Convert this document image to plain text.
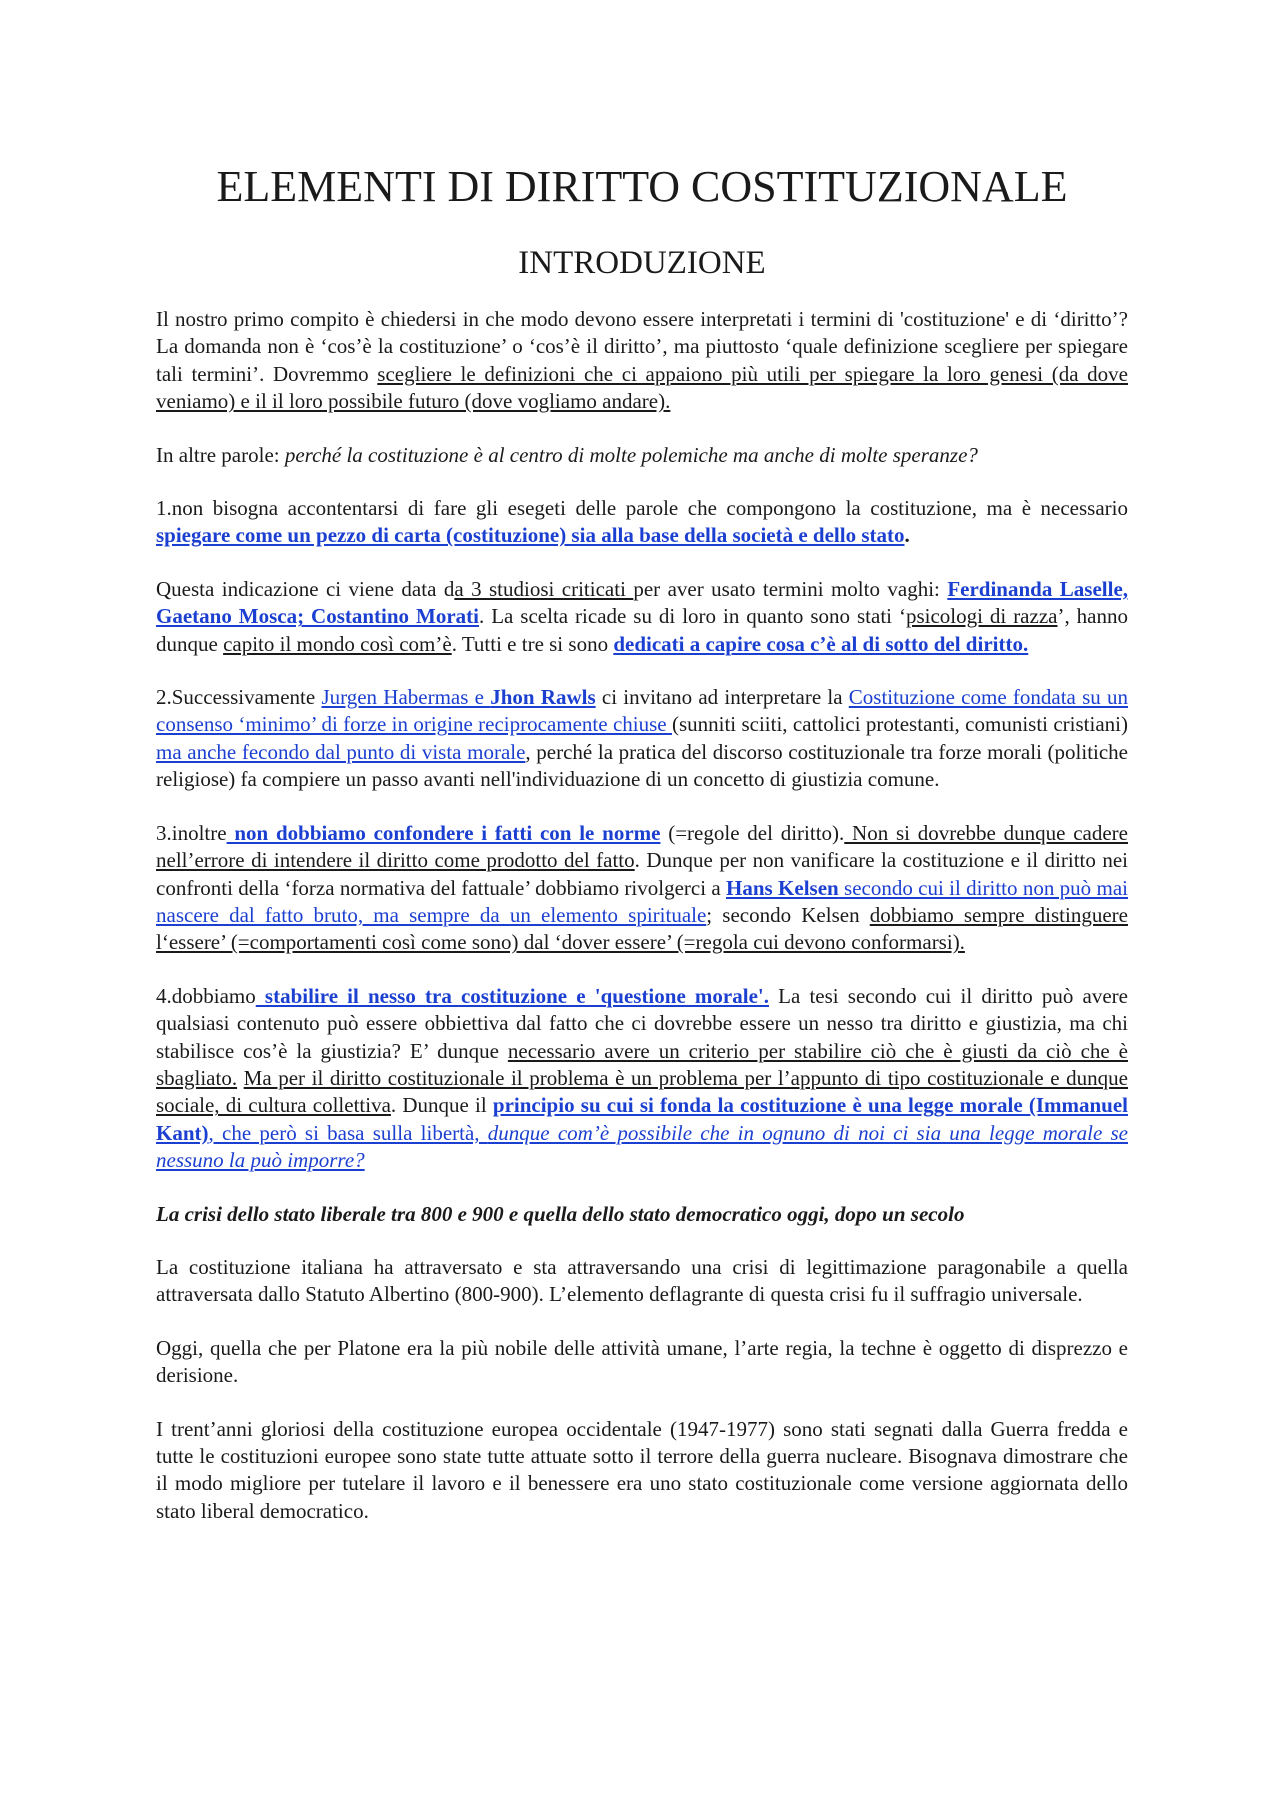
ELEMENTI DI DIRITTO COSTITUZIONALE
INTRODUZIONE

Il nostro primo compito è chiedersi in che modo devono essere interpretati i termini di 'costituzione' e di ‘diritto’? La domanda non è ‘cos’è la costituzione’ o ‘cos’è il diritto’, ma piuttosto ‘quale definizione scegliere per spiegare tali termini’. Dovremmo scegliere le definizioni che ci appaiono più utili per spiegare la loro genesi (da dove veniamo) e il il loro possibile futuro (dove vogliamo andare).

In altre parole: perché la costituzione è al centro di molte polemiche ma anche di molte speranze?

1.non bisogna accontentarsi di fare gli esegeti delle parole che compongono la costituzione, ma è necessario spiegare come un pezzo di carta (costituzione) sia alla base della società e dello stato.

Questa indicazione ci viene data da 3 studiosi criticati per aver usato termini molto vaghi: Ferdinanda Laselle, Gaetano Mosca; Costantino Morati. La scelta ricade su di loro in quanto sono stati ‘psicologi di razza’, hanno dunque capito il mondo così com’è. Tutti e tre si sono dedicati a capire cosa c’è al di sotto del diritto.

2.Successivamente Jurgen Habermas e Jhon Rawls ci invitano ad interpretare la Costituzione come fondata su un consenso ‘minimo’ di forze in origine reciprocamente chiuse (sunniti sciiti, cattolici protestanti, comunisti cristiani) ma anche fecondo dal punto di vista morale, perché la pratica del discorso costituzionale tra forze morali (politiche religiose) fa compiere un passo avanti nell'individuazione di un concetto di giustizia comune.

3.inoltre non dobbiamo confondere i fatti con le norme (=regole del diritto). Non si dovrebbe dunque cadere nell’errore di intendere il diritto come prodotto del fatto. Dunque per non vanificare la costituzione e il diritto nei confronti della ‘forza normativa del fattuale’ dobbiamo rivolgerci a Hans Kelsen secondo cui il diritto non può mai nascere dal fatto bruto, ma sempre da un elemento spirituale; secondo Kelsen dobbiamo sempre distinguere l‘essere’ (=comportamenti così come sono) dal ‘dover essere’ (=regola cui devono conformarsi).

4.dobbiamo stabilire il nesso tra costituzione e 'questione morale'. La tesi secondo cui il diritto può avere qualsiasi contenuto può essere obbiettiva dal fatto che ci dovrebbe essere un nesso tra diritto e giustizia, ma chi stabilisce cos’è la giustizia? E’ dunque necessario avere un criterio per stabilire ciò che è giusti da ciò che è sbagliato. Ma per il diritto costituzionale il problema è un problema per l’appunto di tipo costituzionale e dunque sociale, di cultura collettiva. Dunque il principio su cui si fonda la costituzione è una legge morale (Immanuel Kant), che però si basa sulla libertà, dunque com’è possibile che in ognuno di noi ci sia una legge morale se nessuno la può imporre?

La crisi dello stato liberale tra 800 e 900 e quella dello stato democratico oggi, dopo un secolo

La costituzione italiana ha attraversato e sta attraversando una crisi di legittimazione paragonabile a quella attraversata dallo Statuto Albertino (800-900). L’elemento deflagrante di questa crisi fu il suffragio universale.

Oggi, quella che per Platone era la più nobile delle attività umane, l’arte regia, la techne è oggetto di disprezzo e derisione.

I trent’anni gloriosi della costituzione europea occidentale (1947-1977) sono stati segnati dalla Guerra fredda e tutte le costituzioni europee sono state tutte attuate sotto il terrore della guerra nucleare. Bisognava dimostrare che il modo migliore per tutelare il lavoro e il benessere era uno stato costituzionale come versione aggiornata dello stato liberal democratico.
